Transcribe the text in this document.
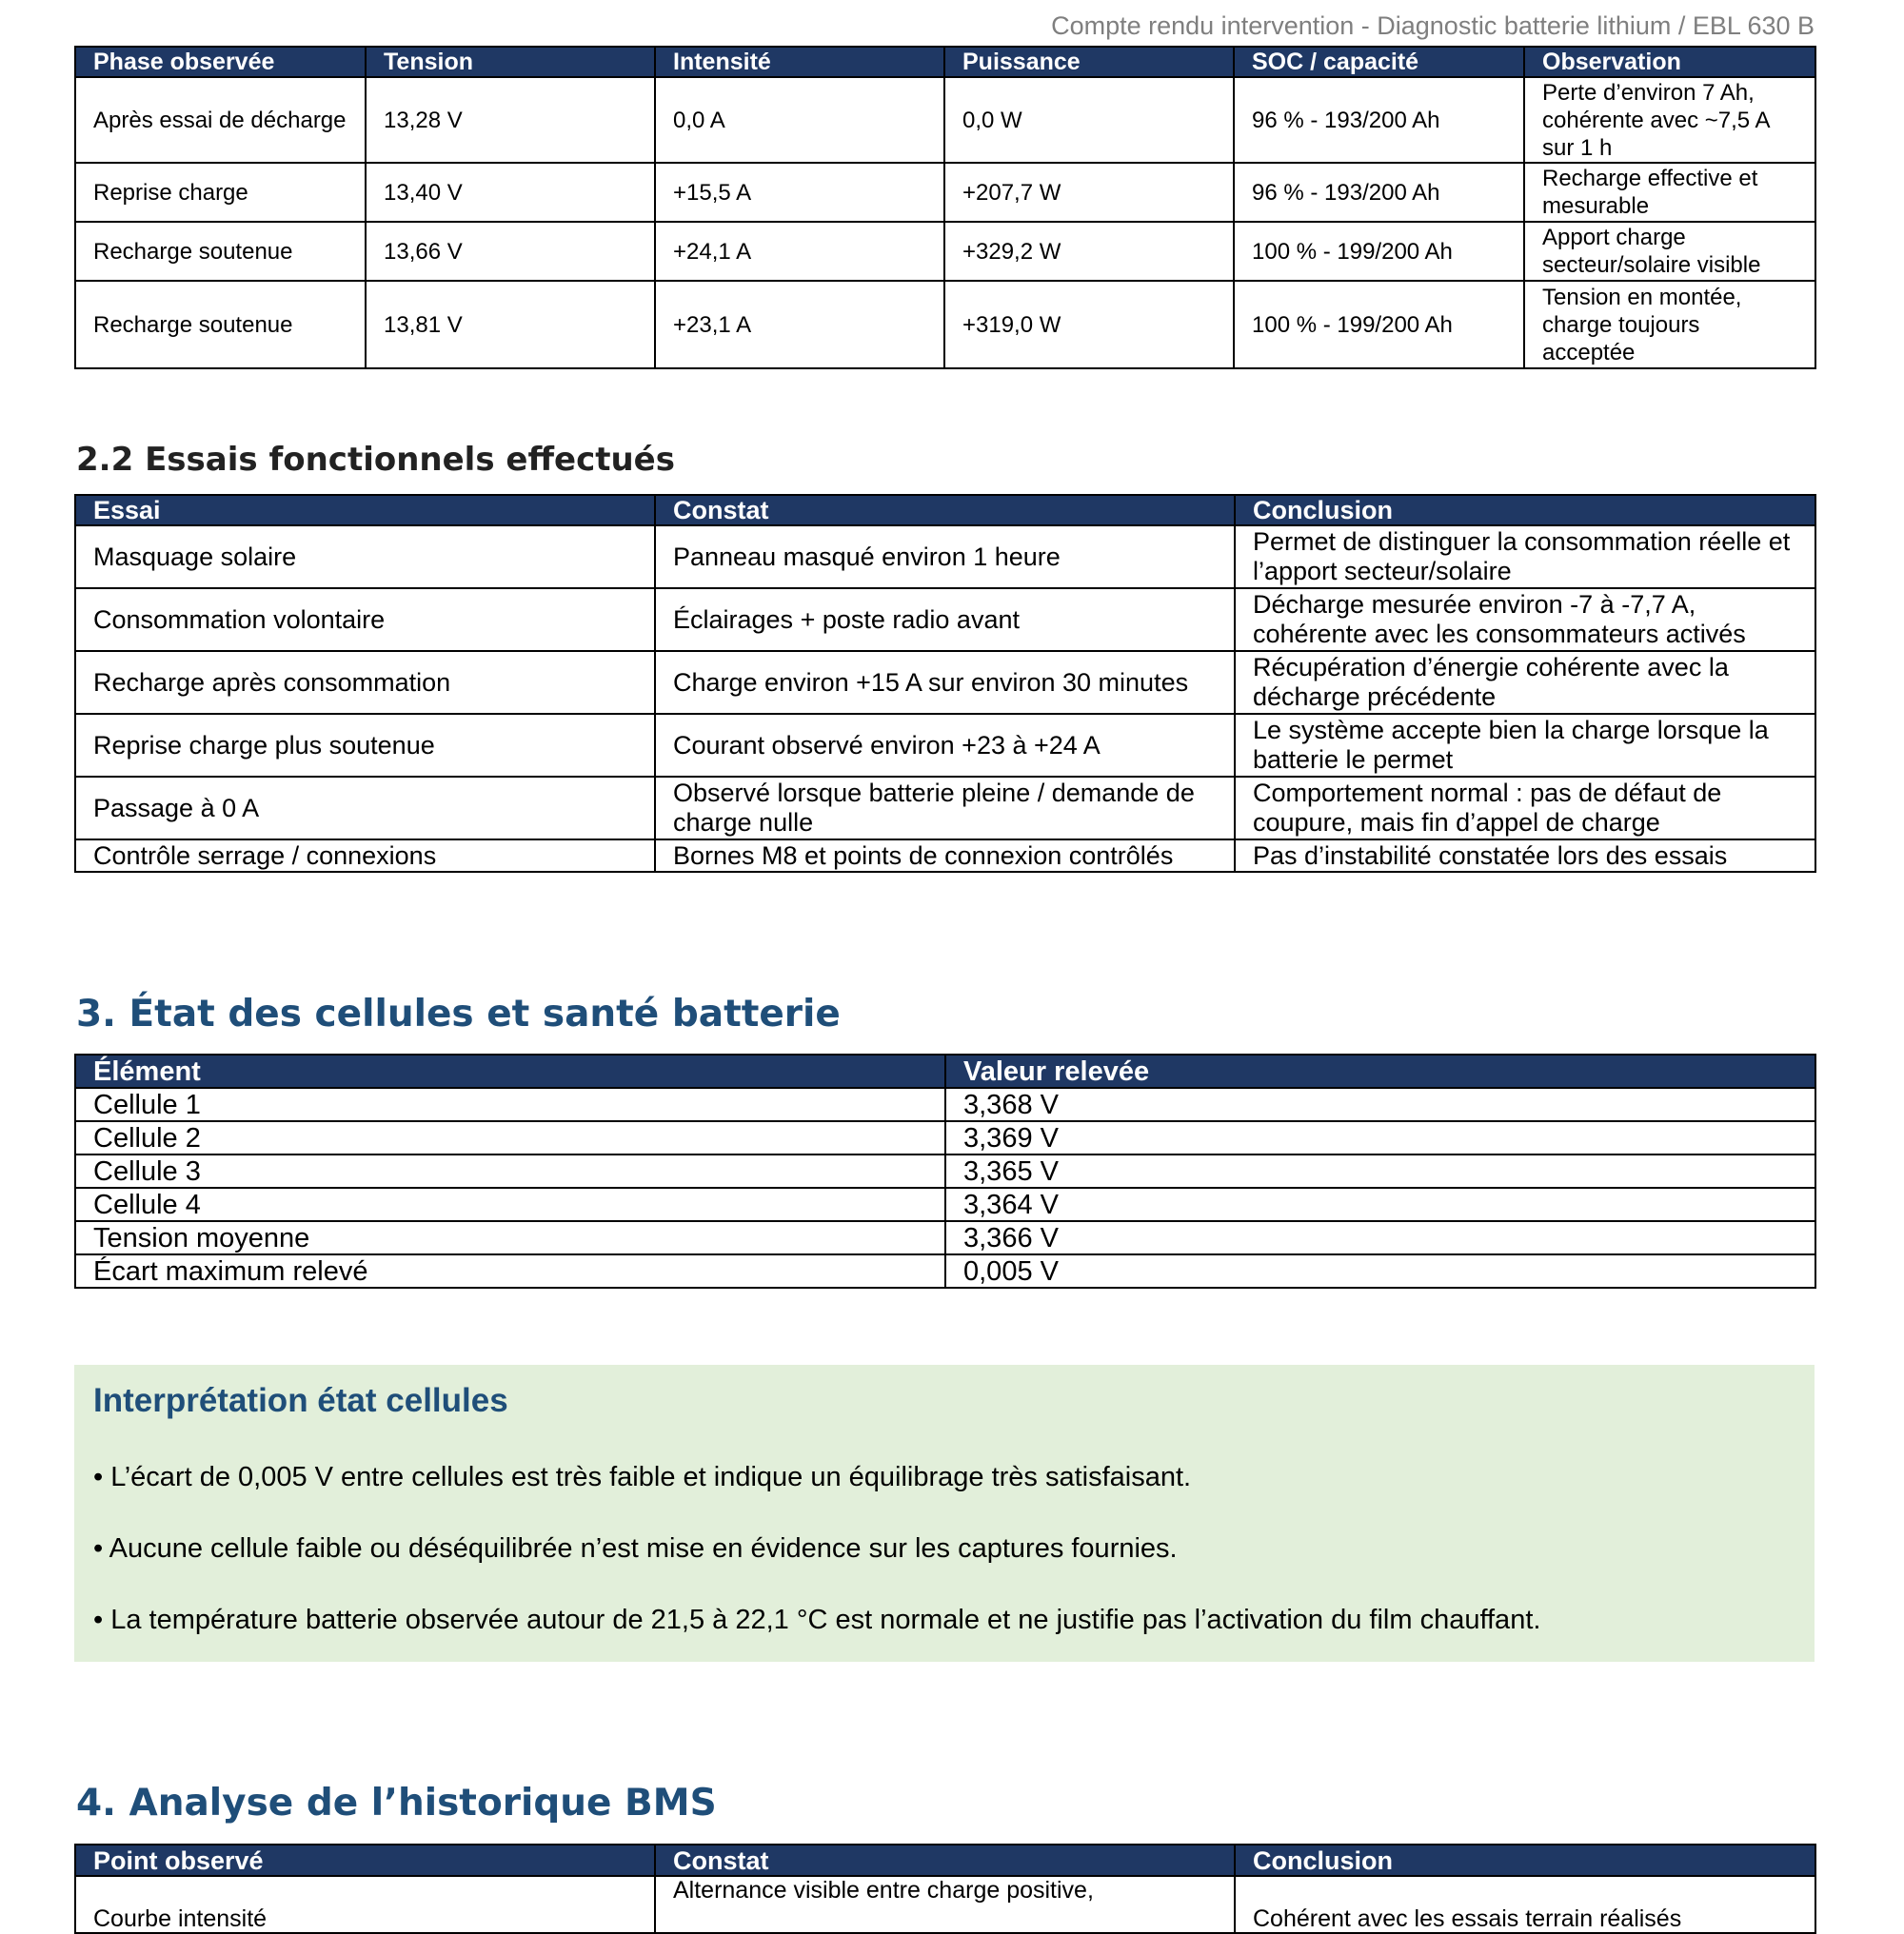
Compte rendu intervention - Diagnostic batterie lithium / EBL 630 B
Phase observée	Tension	Intensité	Puissance	SOC / capacité	Observation
Après essai de décharge	13,28 V	0,0 A	0,0 W	96 % - 193/200 Ah	Perte d’environ 7 Ah, cohérente avec ~7,5 A sur 1 h
Reprise charge	13,40 V	+15,5 A	+207,7 W	96 % - 193/200 Ah	Recharge effective et mesurable
Recharge soutenue	13,66 V	+24,1 A	+329,2 W	100 % - 199/200 Ah	Apport charge secteur/solaire visible
Recharge soutenue	13,81 V	+23,1 A	+319,0 W	100 % - 199/200 Ah	Tension en montée, charge toujours acceptée
2.2 Essais fonctionnels effectués
Essai	Constat	Conclusion
Masquage solaire	Panneau masqué environ 1 heure	Permet de distinguer la consommation réelle et l’apport secteur/solaire
Consommation volontaire	Éclairages + poste radio avant	Décharge mesurée environ -7 à -7,7 A, cohérente avec les consommateurs activés
Recharge après consommation	Charge environ +15 A sur environ 30 minutes	Récupération d’énergie cohérente avec la décharge précédente
Reprise charge plus soutenue	Courant observé environ +23 à +24 A	Le système accepte bien la charge lorsque la batterie le permet
Passage à 0 A	Observé lorsque batterie pleine / demande de charge nulle	Comportement normal : pas de défaut de coupure, mais fin d’appel de charge
Contrôle serrage / connexions	Bornes M8 et points de connexion contrôlés	Pas d’instabilité constatée lors des essais
3. État des cellules et santé batterie
Élément	Valeur relevée
Cellule 1	3,368 V
Cellule 2	3,369 V
Cellule 3	3,365 V
Cellule 4	3,364 V
Tension moyenne	3,366 V
Écart maximum relevé	0,005 V
Interprétation état cellules
• L’écart de 0,005 V entre cellules est très faible et indique un équilibrage très satisfaisant.
• Aucune cellule faible ou déséquilibrée n’est mise en évidence sur les captures fournies.
• La température batterie observée autour de 21,5 à 22,1 °C est normale et ne justifie pas l’activation du film chauffant.
4. Analyse de l’historique BMS
Point observé	Constat	Conclusion
Courbe intensité	Alternance visible entre charge positive,	Cohérent avec les essais terrain réalisés
